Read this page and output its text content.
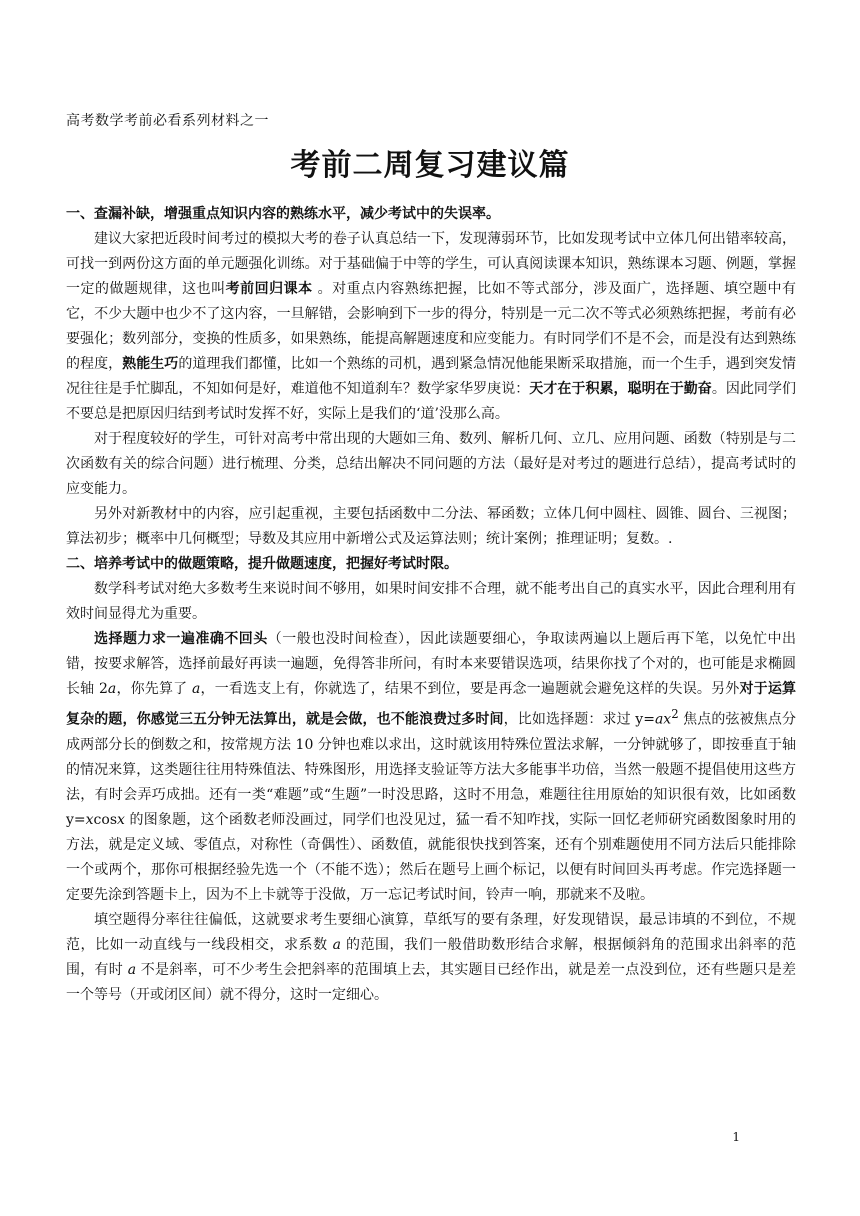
高考数学考前必看系列材料之一
考前二周复习建议篇

一、查漏补缺，增强重点知识内容的熟练水平，减少考试中的失误率。

建议大家把近段时间考过的模拟大考的卷子认真总结一下，发现薄弱环节，比如发现考试中立体几何出错率较高，可找一到两份这方面的单元题强化训练。对于基础偏于中等的学生，可认真阅读课本知识，熟练课本习题、例题，掌握一定的做题规律，这也叫考前回归课本 。对重点内容熟练把握，比如不等式部分，涉及面广，选择题、填空题中有它，不少大题中也少不了这内容，一旦解错，会影响到下一步的得分，特别是一元二次不等式必须熟练把握，考前有必要强化；数列部分，变换的性质多，如果熟练，能提高解题速度和应变能力。有时同学们不是不会，而是没有达到熟练的程度，熟能生巧的道理我们都懂，比如一个熟练的司机，遇到紧急情况他能果断采取措施，而一个生手，遇到突发情况往往是手忙脚乱，不知如何是好，难道他不知道刹车？数学家华罗庚说：天才在于积累，聪明在于勤奋。因此同学们不要总是把原因归结到考试时发挥不好，实际上是我们的‘道’没那么高。

对于程度较好的学生，可针对高考中常出现的大题如三角、数列、解析几何、立几、应用问题、函数（特别是与二次函数有关的综合问题）进行梳理、分类，总结出解决不同问题的方法（最好是对考过的题进行总结），提高考试时的应变能力。

另外对新教材中的内容，应引起重视，主要包括函数中二分法、幂函数；立体几何中圆柱、圆锥、圆台、三视图；算法初步；概率中几何概型；导数及其应用中新增公式及运算法则；统计案例；推理证明；复数。.

二、培养考试中的做题策略，提升做题速度，把握好考试时限。

数学科考试对绝大多数考生来说时间不够用，如果时间安排不合理，就不能考出自己的真实水平，因此合理利用有效时间显得尤为重要。

选择题力求一遍准确不回头（一般也没时间检查），因此读题要细心，争取读两遍以上题后再下笔，以免忙中出错，按要求解答，选择前最好再读一遍题，免得答非所问，有时本来要错误选项，结果你找了个对的，也可能是求椭圆长轴 2a，你先算了 a，一看选支上有，你就选了，结果不到位，要是再念一遍题就会避免这样的失误。另外对于运算复杂的题，你感觉三五分钟无法算出，就是会做，也不能浪费过多时间，比如选择题：求过 $y=ax^2$ 焦点的弦被焦点分成两部分长的倒数之和，按常规方法 10 分钟也难以求出，这时就该用特殊位置法求解，一分钟就够了，即按垂直于轴的情况来算，这类题往往用特殊值法、特殊图形，用选择支验证等方法大多能事半功倍，当然一般题不提倡使用这些方法，有时会弄巧成拙。还有一类“难题”或“生题”一时没思路，这时不用急，难题往往用原始的知识很有效，比如函数 y=xcosx 的图象题，这个函数老师没画过，同学们也没见过，猛一看不知咋找，实际一回忆老师研究函数图象时用的方法，就是定义域、零值点，对称性（奇偶性）、函数值，就能很快找到答案，还有个别难题使用不同方法后只能排除一个或两个，那你可根据经验先选一个（不能不选）；然后在题号上画个标记，以便有时间回头再考虑。作完选择题一定要先涂到答题卡上，因为不上卡就等于没做，万一忘记考试时间，铃声一响，那就来不及啦。

填空题得分率往往偏低，这就要求考生要细心演算，草纸写的要有条理，好发现错误，最忌讳填的不到位，不规范，比如一动直线与一线段相交，求系数 a 的范围，我们一般借助数形结合求解，根据倾斜角的范围求出斜率的范围，有时 a 不是斜率，可不少考生会把斜率的范围填上去，其实题目已经作出，就是差一点没到位，还有些题只是差一个等号（开或闭区间）就不得分，这时一定细心。

1
